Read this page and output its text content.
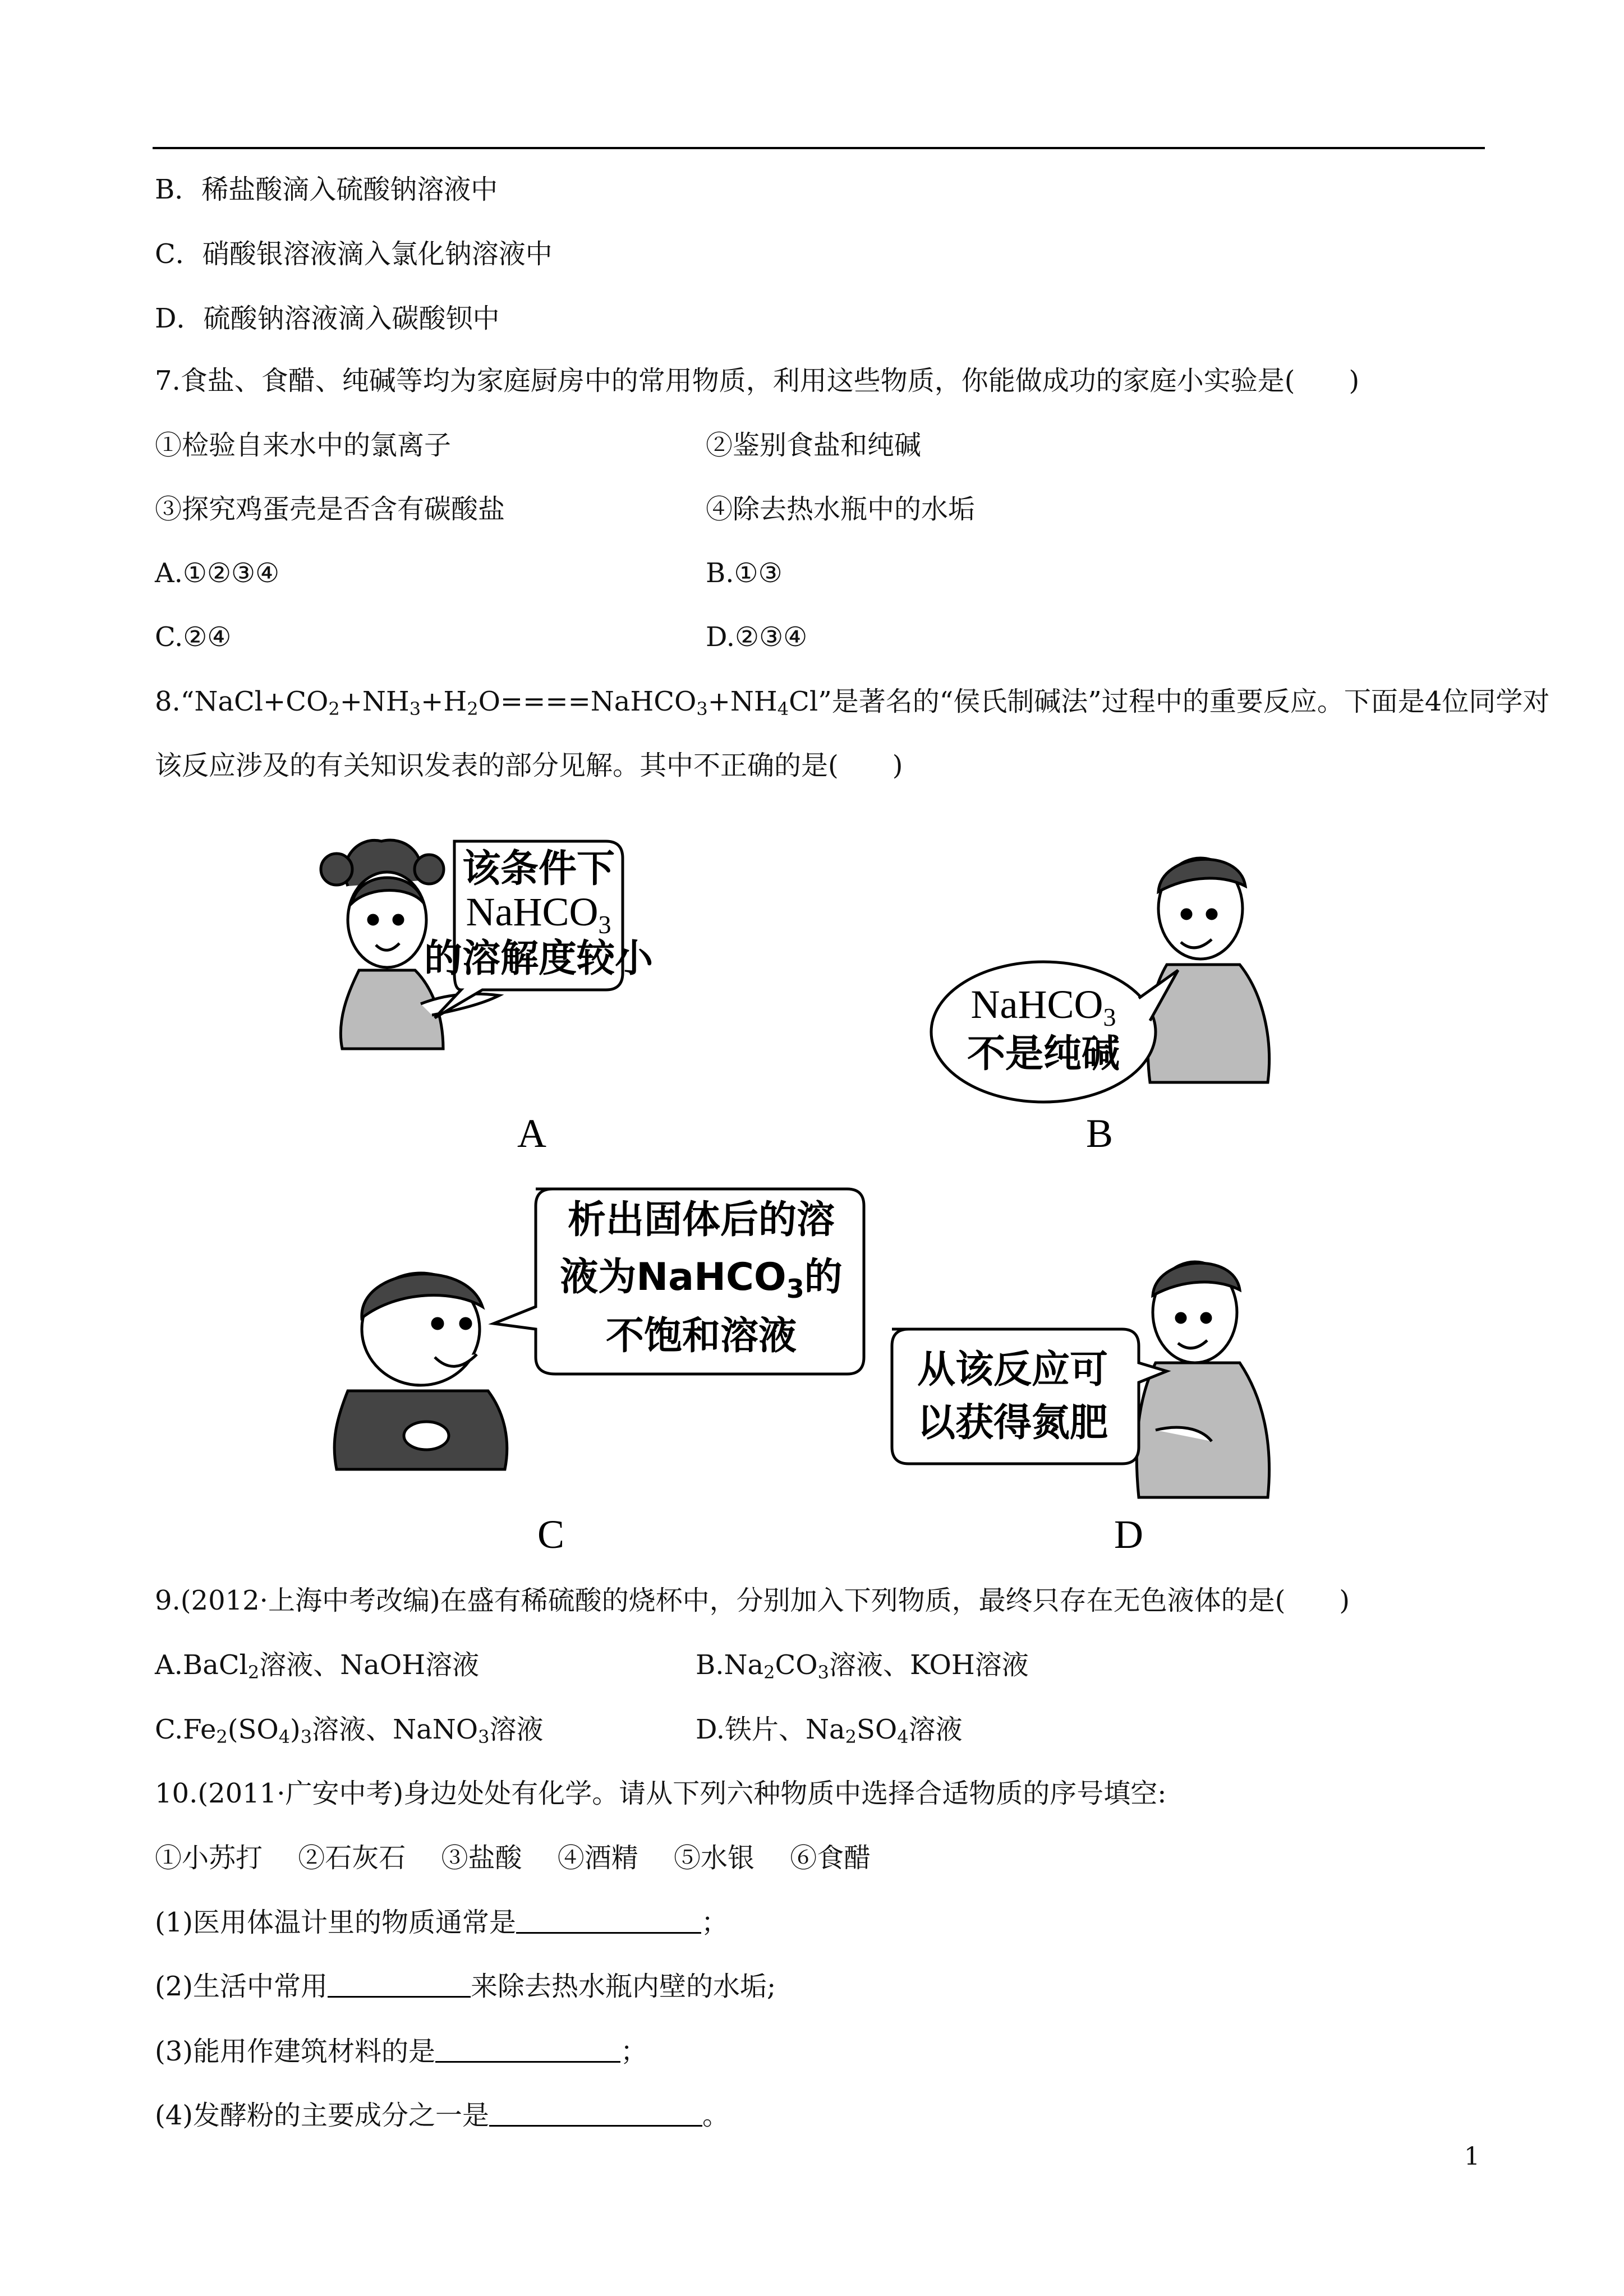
B．稀盐酸滴入硫酸钠溶液中
C．硝酸银溶液滴入氯化钠溶液中
D．硫酸钠溶液滴入碳酸钡中
7.食盐、食醋、纯碱等均为家庭厨房中的常用物质，利用这些物质，你能做成功的家庭小实验是(　　)
①检验自来水中的氯离子	②鉴别食盐和纯碱
③探究鸡蛋壳是否含有碳酸盐	④除去热水瓶中的水垢
A.①②③④	B.①③
C.②④	D.②③④
$8.“NaCl+CO_2+NH_3+H_2O====NaHCO_3+NH_4Cl$”是著名的“侯氏制碱法”过程中的重要反应。下面是4位同学对
该反应涉及的有关知识发表的部分见解。其中不正确的是(　　)
该条件下
NaHCO3
的溶解度较小
A
NaHCO3
不是纯碱
B
析出固体后的溶
液为NaHCO$_3$的
不饱和溶液
C
从该反应可
以获得氮肥
D
9.(2012·上海中考改编)在盛有稀硫酸的烧杯中，分别加入下列物质，最终只存在无色液体的是(　　)
A.BaCl$_2$溶液、NaOH溶液	$B.Na_2CO_3$溶液、KOH溶液
$C.Fe_2(SO_4)_3$溶液、NaNO$_3$溶液	D.铁片、$Na_2SO_4$溶液
10.(2011·广安中考)身边处处有化学。请从下列六种物质中选择合适物质的序号填空:
①小苏打　 ②石灰石　 ③盐酸　 ④酒精　 ⑤水银　 ⑥食醋
(1)医用体温计里的物质通常是	；
(2)生活中常用	来除去热水瓶内壁的水垢;
(3)能用作建筑材料的是	；
(4)发酵粉的主要成分之一是	。
1
